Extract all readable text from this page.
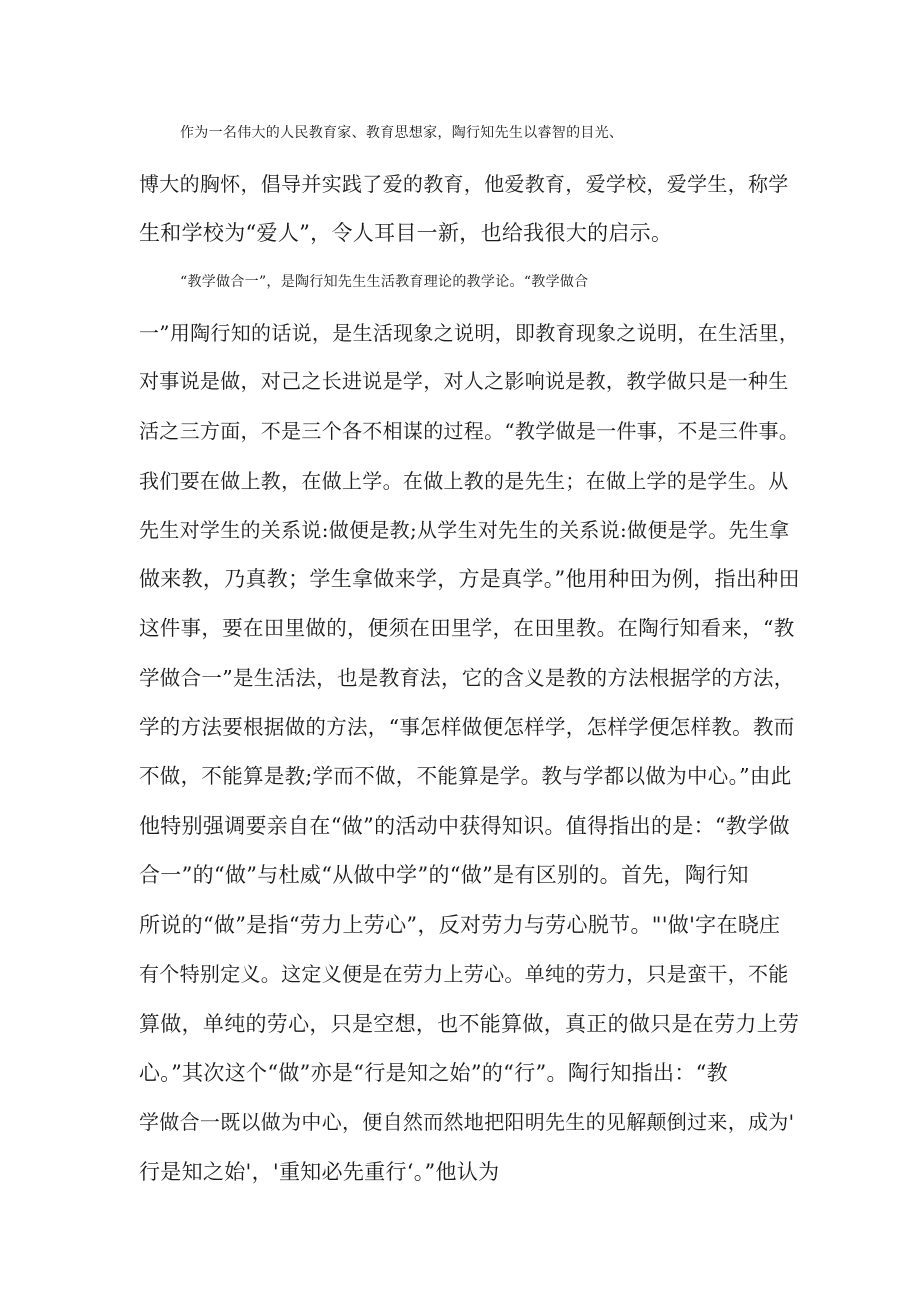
作为一名伟大的人民教育家、教育思想家，陶行知先生以睿智的目光、
博大的胸怀，倡导并实践了爱的教育，他爱教育，爱学校，爱学生，称学
生和学校为“爱人”，令人耳目一新，也给我很大的启示。
“教学做合一”，是陶行知先生生活教育理论的教学论。“教学做合
一”用陶行知的话说，是生活现象之说明，即教育现象之说明，在生活里，
对事说是做，对己之长进说是学，对人之影响说是教，教学做只是一种生
活之三方面，不是三个各不相谋的过程。“教学做是一件事，不是三件事。
我们要在做上教，在做上学。在做上教的是先生；在做上学的是学生。从
先生对学生的关系说:做便是教;从学生对先生的关系说:做便是学。先生拿
做来教，乃真教；学生拿做来学，方是真学。”他用种田为例，指出种田
这件事，要在田里做的，便须在田里学，在田里教。在陶行知看来，“教
学做合一”是生活法，也是教育法，它的含义是教的方法根据学的方法，
学的方法要根据做的方法，“事怎样做便怎样学，怎样学便怎样教。教而
不做，不能算是教;学而不做，不能算是学。教与学都以做为中心。”由此
他特别强调要亲自在“做”的活动中获得知识。值得指出的是：“教学做
合一”的“做”与杜威“从做中学”的“做”是有区别的。首先，陶行知
所说的“做”是指“劳力上劳心”，反对劳力与劳心脱节。"'做'字在晓庄
有个特别定义。这定义便是在劳力上劳心。单纯的劳力，只是蛮干，不能
算做，单纯的劳心，只是空想，也不能算做，真正的做只是在劳力上劳
心。”其次这个“做”亦是“行是知之始”的“行”。陶行知指出：“教
学做合一既以做为中心，便自然而然地把阳明先生的见解颠倒过来，成为'
行是知之始'，'重知必先重行‘。”他认为
